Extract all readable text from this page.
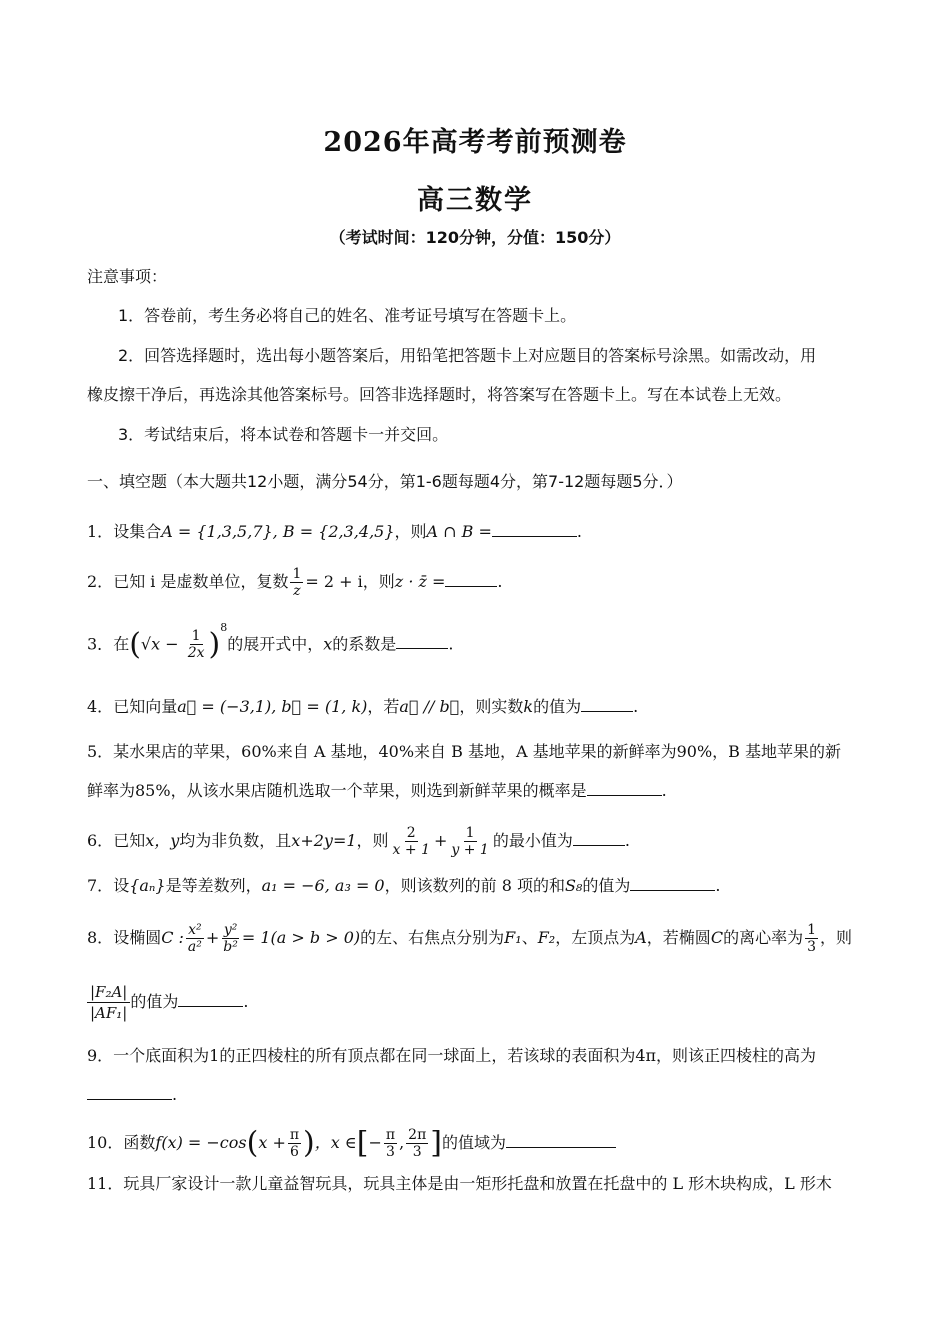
2026年高考考前预测卷
高三数学
（考试时间：120分钟，分值：150分）
注意事项：
1．答卷前，考生务必将自己的姓名、准考证号填写在答题卡上。
2．回答选择题时，选出每小题答案后，用铅笔把答题卡上对应题目的答案标号涂黑。如需改动，用
橡皮擦干净后，再选涂其他答案标号。回答非选择题时，将答案写在答题卡上。写在本试卷上无效。
3．考试结束后，将本试卷和答题卡一并交回。
一、填空题（本大题共12小题，满分54分，第1-6题每题4分，第7-12题每题5分．）
1．设集合A = {1,3,5,7}, B = {2,3,4,5}，则A ∩ B =	.
2．已知 i 是虚数单位，复数 $\frac{1}{z} = 2 + i$，则z · z̄ =	.
3．在$(√x - \frac{1}{2x} )^8$的展开式中，x的系数是	.
4．已知向量a⃗ = (−3,1), b⃗ = (1, k)，若a⃗ // b⃗，则实数k的值为	.
5．某水果店的苹果，60%来自 A 基地，40%来自 B 基地，A 基地苹果的新鲜率为90%，B 基地苹果的新
鲜率为85%，从该水果店随机选取一个苹果，则选到新鲜苹果的概率是	.
6．已知x，y均为非负数，且x+2y=1，则 $\frac{2}{x + 1} + \frac{1}{y + 1}$ 的最小值为	.
7．设{aₙ}是等差数列，a₁ = −6, a₃ = 0，则该数列的前 8 项的和S₈的值为	.
8．设椭圆C : $\frac{\text{x²}}{\text{a²}} + \frac{\text{y²}}{\text{b²}} = 1(a > b > 0)$的左、右焦点分别为F₁、F₂，左顶点为A，若椭圆C的离心率为 $\frac{1}{3}$ ，则
$\frac{\text{|F₂A|}}{\text{|AF₁|}}$ 的值为	.
9．一个底面积为1的正四棱柱的所有顶点都在同一球面上，若该球的表面积为4π，则该正四棱柱的高为
.
10．函数$f(x) = -\cos(x + \frac{\pi}{6}$ )，x ∈[− $\frac{\pi}{3}$ , $\frac{2\pi}{3}$ ]的值域为
11．玩具厂家设计一款儿童益智玩具，玩具主体是由一矩形托盘和放置在托盘中的 L 形木块构成，L 形木
